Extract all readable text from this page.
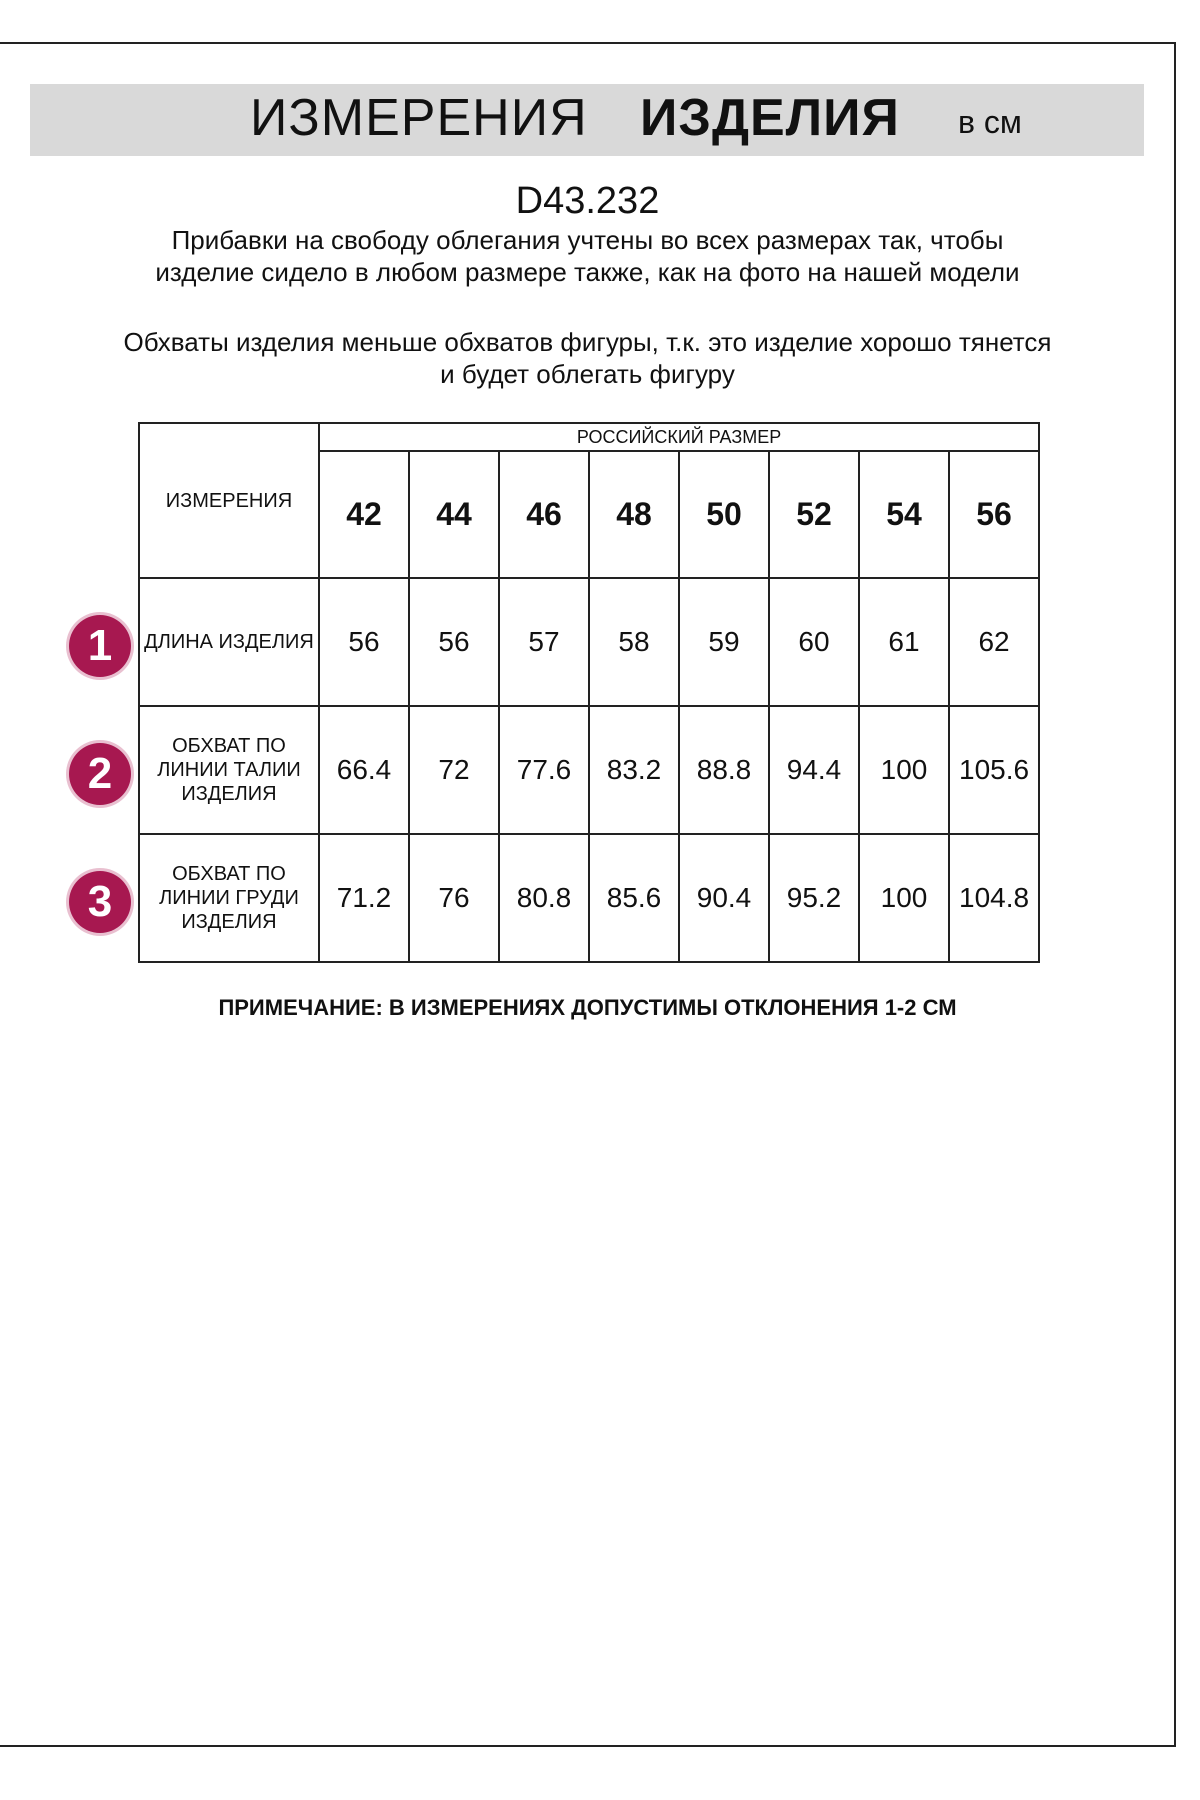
ИЗМЕРЕНИЯ ИЗДЕЛИЯ в см
D43.232
Прибавки на свободу облегания учтены во всех размерах так, чтобы изделие сидело в любом размере также, как на фото на нашей модели
Обхваты изделия меньше обхватов фигуры, т.к. это изделие хорошо тянется и будет облегать фигуру
ИЗМЕРЕНИЯ	РОССИЙСКИЙ РАЗМЕР							
	42	44	46	48	50	52	54	56
ДЛИНА ИЗДЕЛИЯ	56	56	57	58	59	60	61	62
ОБХВАТ ПО ЛИНИИ ТАЛИИ ИЗДЕЛИЯ	66.4	72	77.6	83.2	88.8	94.4	100	105.6
ОБХВАТ ПО ЛИНИИ ГРУДИ ИЗДЕЛИЯ	71.2	76	80.8	85.6	90.4	95.2	100	104.8
1
2
3
ПРИМЕЧАНИЕ: В ИЗМЕРЕНИЯХ ДОПУСТИМЫ ОТКЛОНЕНИЯ 1-2 СМ
